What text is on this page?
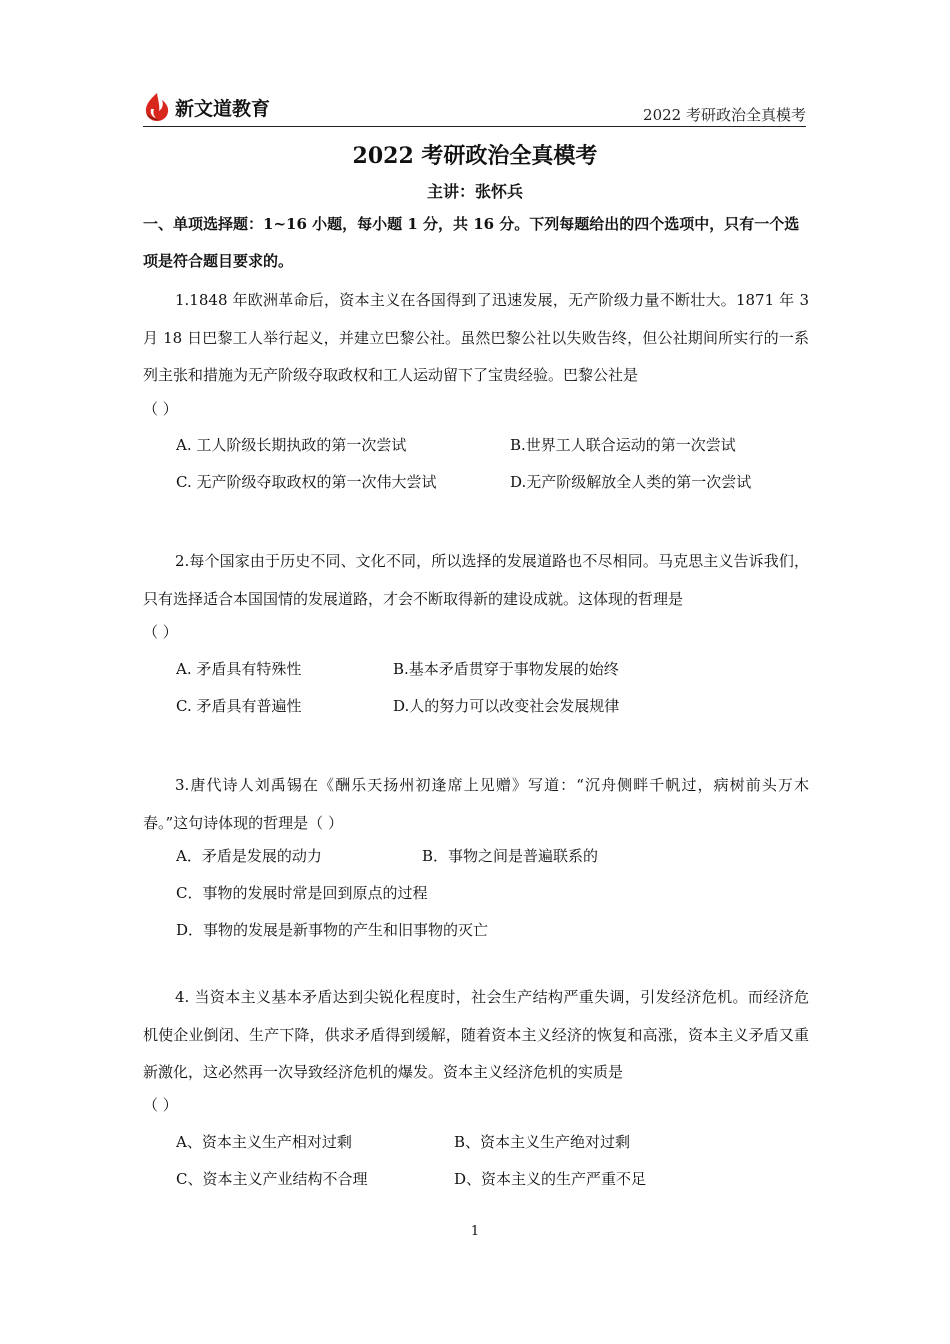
新文道教育	2022 考研政治全真模考
2022 考研政治全真模考
主讲：张怀兵
一、单项选择题：1~16 小题，每小题 1 分，共 16 分。下列每题给出的四个选项中，只有一个选项是符合题目要求的。
1.1848 年欧洲革命后，资本主义在各国得到了迅速发展，无产阶级力量不断壮大。1871 年 3 月 18 日巴黎工人举行起义，并建立巴黎公社。虽然巴黎公社以失败告终，但公社期间所实行的一系列主张和措施为无产阶级夺取政权和工人运动留下了宝贵经验。巴黎公社是
（ ）
A. 工人阶级长期执政的第一次尝试	B.世界工人联合运动的第一次尝试
C. 无产阶级夺取政权的第一次伟大尝试	D.无产阶级解放全人类的第一次尝试
2.每个国家由于历史不同、文化不同，所以选择的发展道路也不尽相同。马克思主义告诉我们，只有选择适合本国国情的发展道路，才会不断取得新的建设成就。这体现的哲理是
（ ）
A. 矛盾具有特殊性	B.基本矛盾贯穿于事物发展的始终
C. 矛盾具有普遍性	D.人的努力可以改变社会发展规律
3.唐代诗人刘禹锡在《酬乐天扬州初逢席上见赠》写道：“沉舟侧畔千帆过，病树前头万木春。”这句诗体现的哲理是（ ）
A．矛盾是发展的动力	B．事物之间是普遍联系的
C．事物的发展时常是回到原点的过程
D．事物的发展是新事物的产生和旧事物的灭亡
4. 当资本主义基本矛盾达到尖锐化程度时，社会生产结构严重失调，引发经济危机。而经济危机使企业倒闭、生产下降，供求矛盾得到缓解，随着资本主义经济的恢复和高涨，资本主义矛盾又重新激化，这必然再一次导致经济危机的爆发。资本主义经济危机的实质是
（ ）
A、资本主义生产相对过剩	B、资本主义生产绝对过剩
C、资本主义产业结构不合理	D、资本主义的生产严重不足
1
